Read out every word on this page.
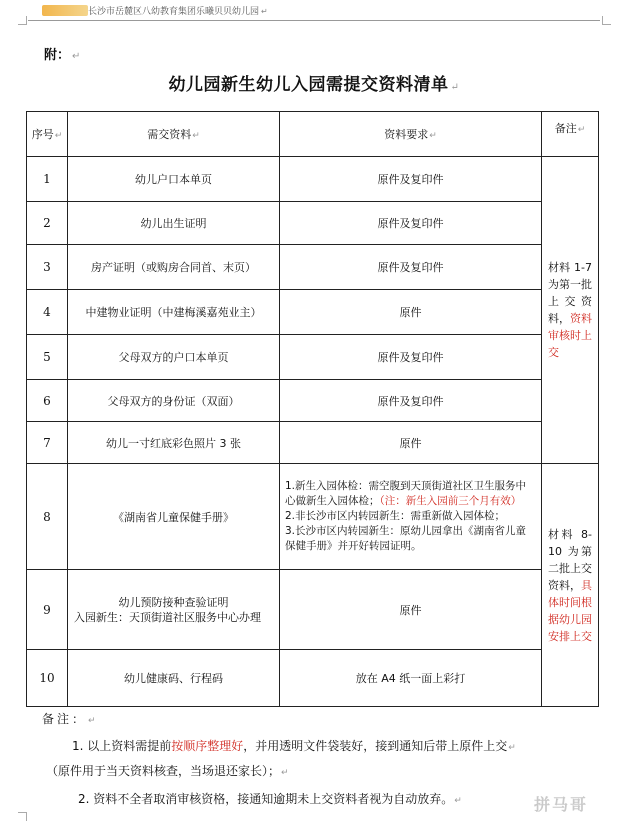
长沙市岳麓区八幼教育集团乐曦贝贝幼儿园 ↵
附： ↵
幼儿园新生幼儿入园需提交资料清单 ↵
序号↵	需交资料↵	资料要求↵	备注↵
1	幼儿户口本单页	原件及复印件	材料 1-7 为第一批上交资料，资料审核时上交
2	幼儿出生证明	原件及复印件	
3	房产证明（或购房合同首、末页）	原件及复印件	
4	中建物业证明（中建梅溪嘉苑业主）	原件	
5	父母双方的户口本单页	原件及复印件	
6	父母双方的身份证（双面）	原件及复印件	
7	幼儿一寸红底彩色照片 3 张	原件	
8	《湖南省儿童保健手册》	1.新生入园体检：需空腹到天顶街道社区卫生服务中心做新生入园体检；（注：新生入园前三个月有效）
2.非长沙市区内转园新生：需重新做入园体检；
3.长沙市区内转园新生：原幼儿园拿出《湖南省儿童保健手册》并开好转园证明。	材料 8-10 为第二批上交资料，具体时间根据幼儿园安排上交
9	幼儿预防接种查验证明
入园新生：天顶街道社区服务中心办理	原件	
10	幼儿健康码、行程码	放在 A4 纸一面上彩打	
备注：↵
1. 以上资料需提前按顺序整理好，并用透明文件袋装好，接到通知后带上原件上交↵
（原件用于当天资料核查，当场退还家长）；↵
2. 资料不全者取消审核资格，接通知逾期未上交资料者视为自动放弃。↵	拼马哥
